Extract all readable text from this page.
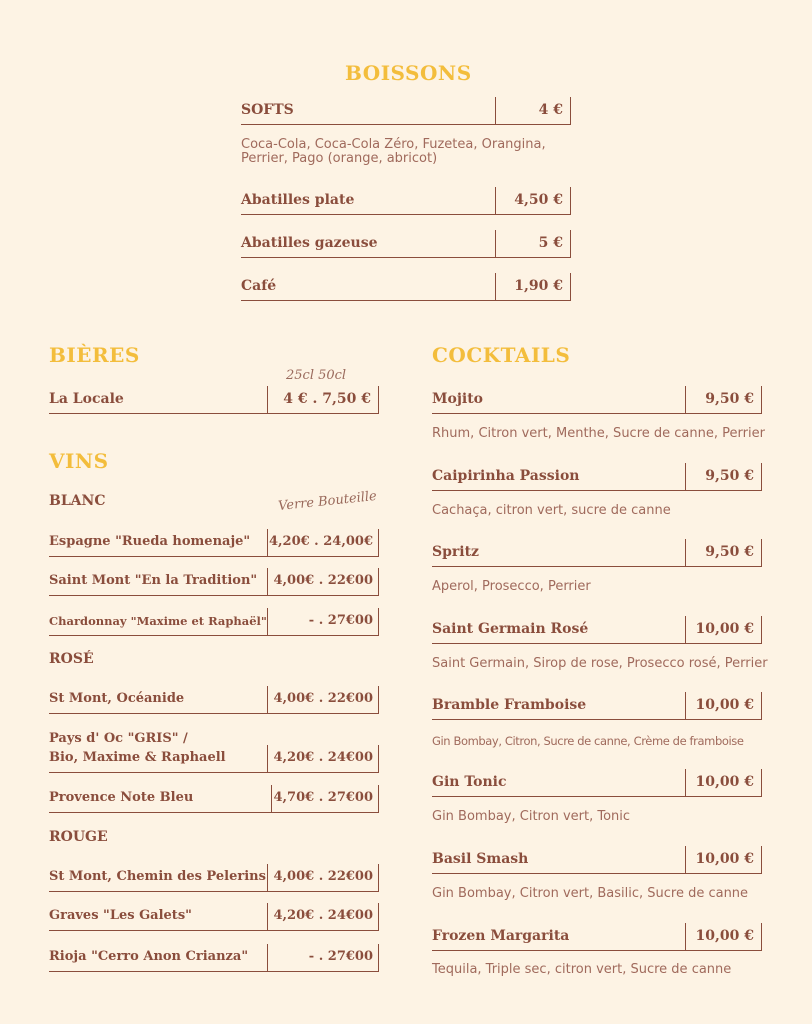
BOISSONS
SOFTS	4 €
Coca-Cola, Coca-Cola Zéro, Fuzetea, Orangina,
Perrier, Pago (orange, abricot)
Abatilles plate	4,50 €
Abatilles gazeuse	5 €
Café	1,90 €
BIÈRES
25cl 50cl
La Locale	4 € . 7,50 €
VINS
BLANC	Verre Bouteille
Espagne "Rueda homenaje" 4,20€ . 24,00€
Saint Mont "En la Tradition" 4,00€ . 22€00
Chardonnay "Maxime et Raphaël"	- . 27€00
ROSÉ
St Mont, Océanide	4,00€ . 22€00
Pays d' Oc "GRIS" /
Bio, Maxime & Raphaell	4,20€ . 24€00
Provence Note Bleu	4,70€ . 27€00
ROUGE
St Mont, Chemin des Pelerins 4,00€ . 22€00
Graves "Les Galets"	4,20€ . 24€00
Rioja "Cerro Anon Crianza"	- . 27€00
COCKTAILS
Mojito	9,50 €
Rhum, Citron vert, Menthe, Sucre de canne, Perrier
Caipirinha Passion	9,50 €
Cachaça, citron vert, sucre de canne
Spritz	9,50 €
Aperol, Prosecco, Perrier
Saint Germain Rosé	10,00 €
Saint Germain, Sirop de rose, Prosecco rosé, Perrier
Bramble Framboise	10,00 €
Gin Bombay, Citron, Sucre de canne, Crème de framboise
Gin Tonic	10,00 €
Gin Bombay, Citron vert, Tonic
Basil Smash	10,00 €
Gin Bombay, Citron vert, Basilic, Sucre de canne
Frozen Margarita	10,00 €
Tequila, Triple sec, citron vert, Sucre de canne
